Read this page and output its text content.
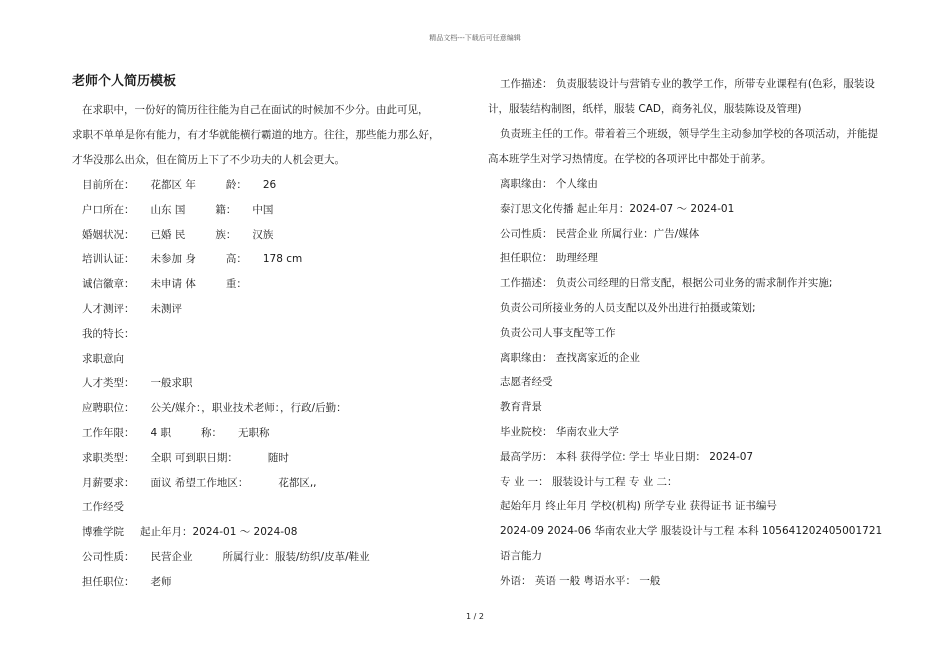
精品文档---下载后可任意编辑
老师个人简历模板
在求职中，一份好的简历往往能为自己在面试的时候加不少分。由此可见，
求职不单单是你有能力，有才华就能横行霸道的地方。往往，那些能力那么好，
才华没那么出众，但在简历上下了不少功夫的人机会更大。
目前所在： 花都区 年	龄： 26
户口所在： 山东 国	籍： 中国
婚姻状况： 已婚 民	族： 汉族
培训认证： 未参加 身	高： 178 cm
诚信徽章： 未申请 体	重：
人才测评： 未测评
我的特长：
求职意向
人才类型： 一般求职
应聘职位： 公关/媒介：，职业技术老师：，行政/后勤：
工作年限： 4 职	称： 无职称
求职类型： 全职 可到职日期：	随时
月薪要求： 面议 希望工作地区：	花都区,,
工作经受
博雅学院 起止年月：2024-01 ～ 2024-08
公司性质： 民营企业	所属行业：服装/纺织/皮革/鞋业
担任职位： 老师
工作描述： 负责服装设计与营销专业的教学工作，所带专业课程有(色彩，服装设计，服装结构制图，纸样，服装 CAD，商务礼仪，服装陈设及管理)
负责班主任的工作。带着着三个班级，领导学生主动参加学校的各项活动，并能提高本班学生对学习热情度。在学校的各项评比中都处于前茅。
离职缘由： 个人缘由
泰汀思文化传播 起止年月：2024-07 ～ 2024-01
公司性质： 民营企业 所属行业：广告/媒体
担任职位： 助理经理
工作描述： 负责公司经理的日常支配，根据公司业务的需求制作并实施;
负责公司所接业务的人员支配以及外出进行拍摄或策划;
负责公司人事支配等工作
离职缘由： 查找离家近的企业
志愿者经受
教育背景
毕业院校： 华南农业大学
最高学历： 本科 获得学位: 学士 毕业日期： 2024-07
专 业 一： 服装设计与工程 专 业 二：
起始年月 终止年月 学校(机构) 所学专业 获得证书 证书编号
2024-09 2024-06 华南农业大学 服装设计与工程 本科 1056412024050017​21
语言能力
外语： 英语 一般 粤语水平： 一般
1 / 2
